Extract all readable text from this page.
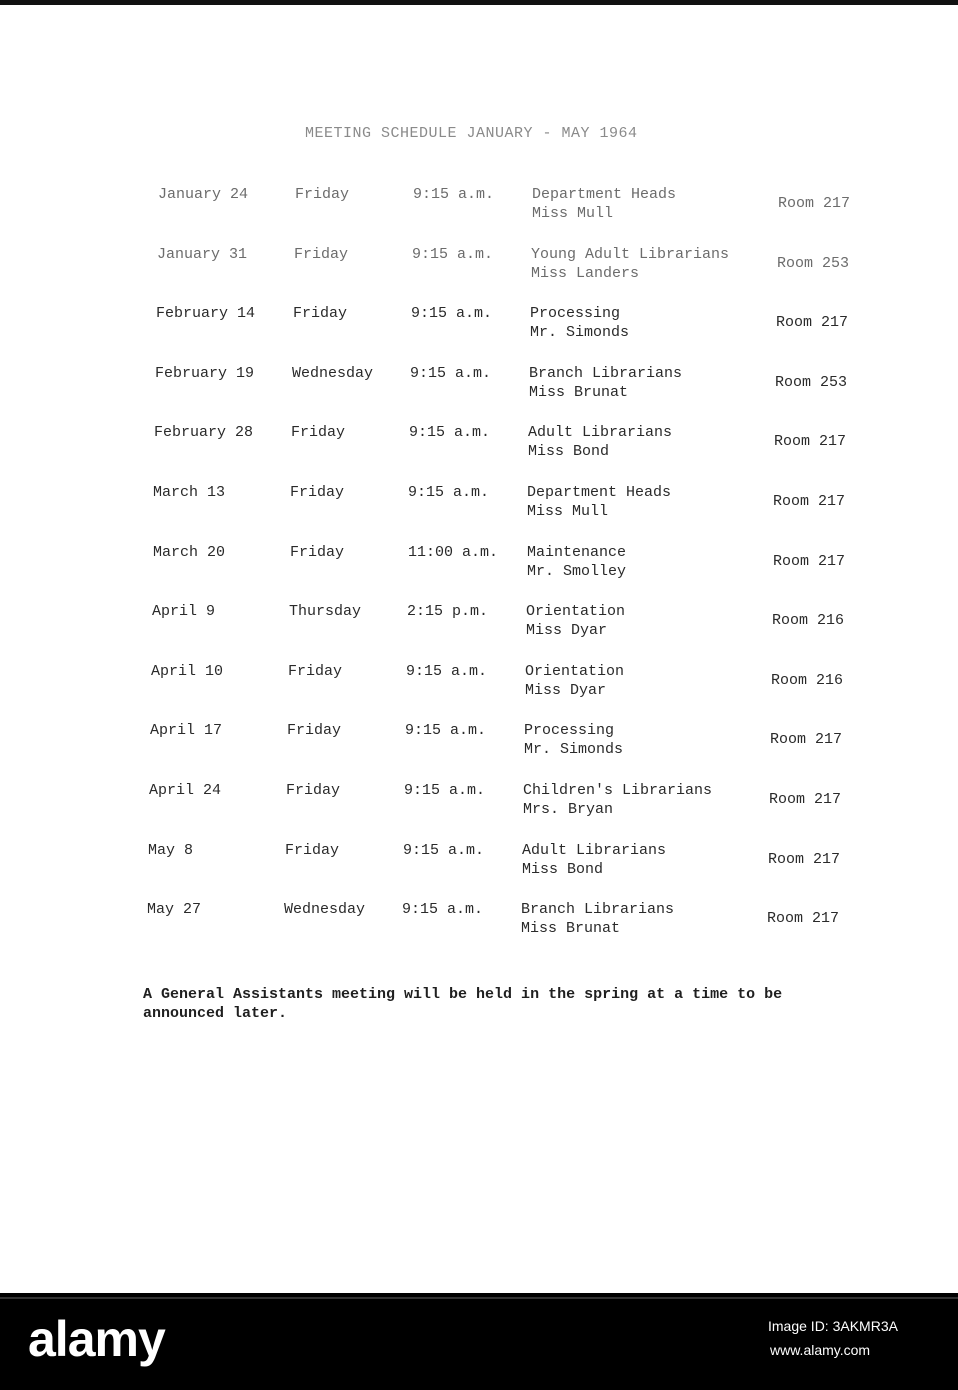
MEETING SCHEDULE JANUARY - MAY 1964
January 24	Friday	9:15 a.m.	Department Heads
Miss Mull
Room 217
January 31	Friday	9:15 a.m.	Young Adult Librarians
Miss Landers
Room 253
February 14	Friday	9:15 a.m.	Processing
Mr. Simonds
Room 217
February 19	Wednesday 9:15 a.m.	Branch Librarians
Miss Brunat
Room 253
February 28	Friday	9:15 a.m.	Adult Librarians
Miss Bond
Room 217
March 13	Friday	9:15 a.m.	Department Heads
Miss Mull
Room 217
March 20	Friday	11:00 a.m. Maintenance
Mr. Smolley
Room 217
April 9	Thursday	2:15 p.m.	Orientation
Miss Dyar
Room 216
April 10	Friday	9:15 a.m.	Orientation
Miss Dyar
Room 216
April 17	Friday	9:15 a.m.	Processing
Mr. Simonds
Room 217
April 24	Friday	9:15 a.m.	Children's Librarians
Mrs. Bryan
Room 217
May 8	Friday	9:15 a.m.	Adult Librarians
Miss Bond
Room 217
May 27	Wednesday 9:15 a.m.	Branch Librarians
Miss Brunat
Room 217
A General Assistants meeting will be held in the spring at a time to be announced later.
alamy	Image ID: 3AKMR3A
www.alamy.com
